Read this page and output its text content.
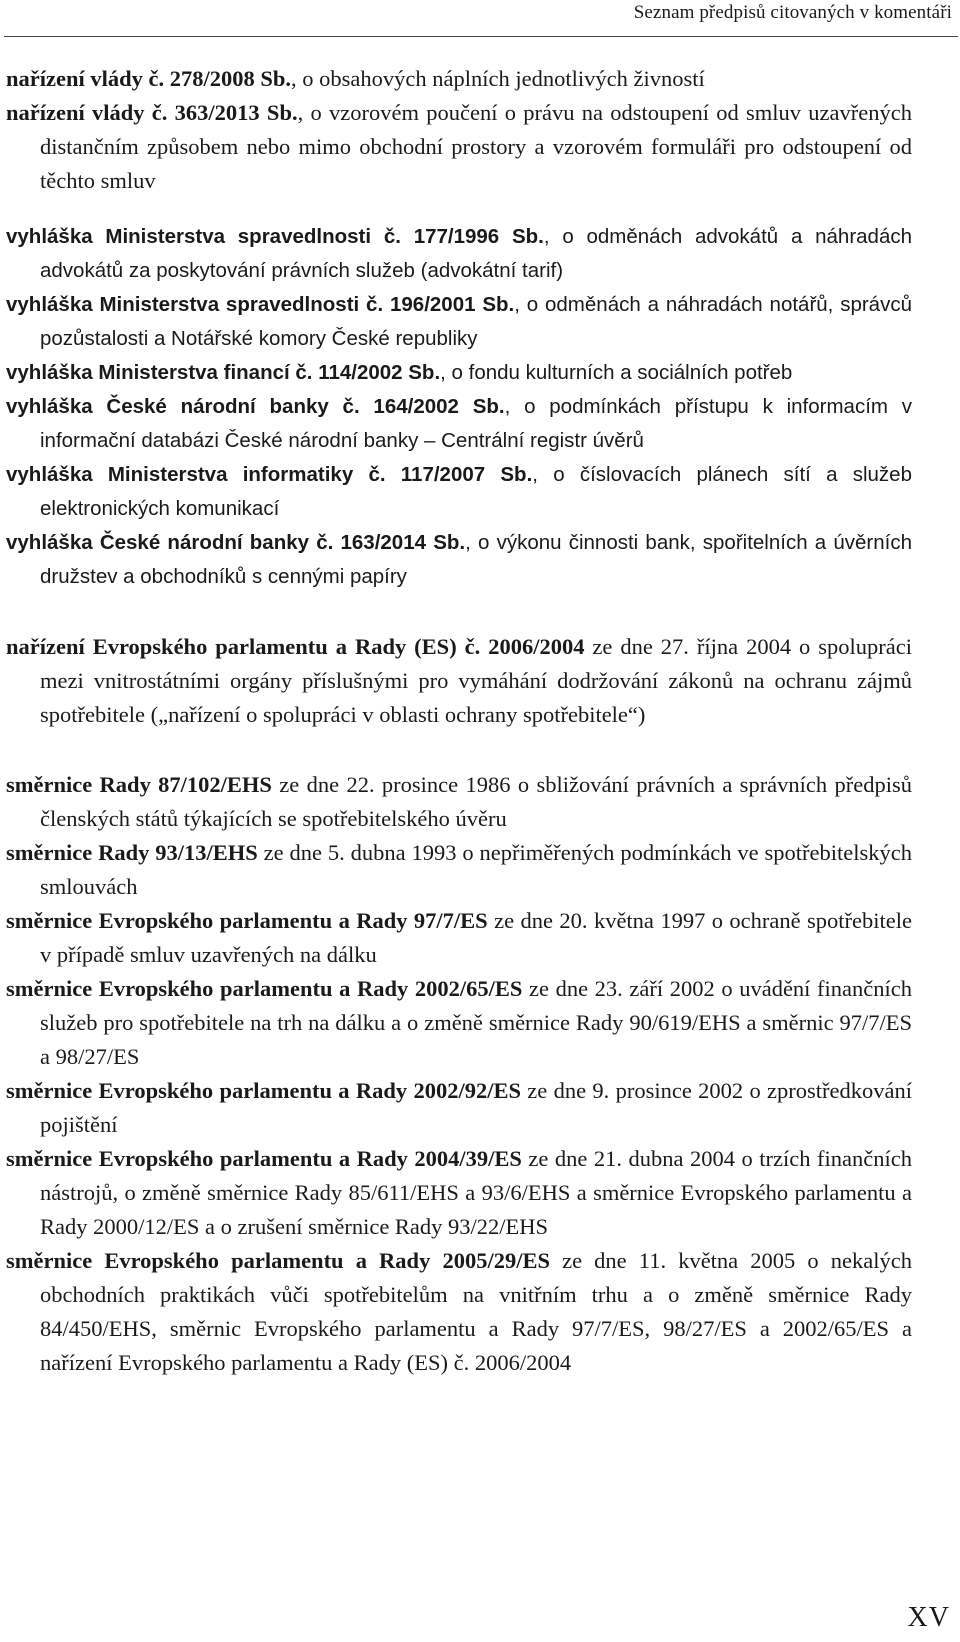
Seznam předpisů citovaných v komentáři

nařízení vlády č. 278/2008 Sb., o obsahových náplních jednotlivých živností

nařízení vlády č. 363/2013 Sb., o vzorovém poučení o právu na odstoupení od smluv uzavřených distančním způsobem nebo mimo obchodní prostory a vzorovém formuláři pro odstoupení od těchto smluv

vyhláška Ministerstva spravedlnosti č. 177/1996 Sb., o odměnách advokátů a náhradách advokátů za poskytování právních služeb (advokátní tarif)

vyhláška Ministerstva spravedlnosti č. 196/2001 Sb., o odměnách a náhradách notářů, správců pozůstalosti a Notářské komory České republiky

vyhláška Ministerstva financí č. 114/2002 Sb., o fondu kulturních a sociálních potřeb

vyhláška České národní banky č. 164/2002 Sb., o podmínkách přístupu k informacím v informační databázi České národní banky – Centrální registr úvěrů

vyhláška Ministerstva informatiky č. 117/2007 Sb., o číslovacích plánech sítí a služeb elektronických komunikací

vyhláška České národní banky č. 163/2014 Sb., o výkonu činnosti bank, spořitelních a úvěrních družstev a obchodníků s cennými papíry

nařízení Evropského parlamentu a Rady (ES) č. 2006/2004 ze dne 27. října 2004 o spolupráci mezi vnitrostátními orgány příslušnými pro vymáhání dodržování zákonů na ochranu zájmů spotřebitele („nařízení o spolupráci v oblasti ochrany spotřebitele“)

směrnice Rady 87/102/EHS ze dne 22. prosince 1986 o sbližování právních a správních předpisů členských států týkajících se spotřebitelského úvěru

směrnice Rady 93/13/EHS ze dne 5. dubna 1993 o nepřiměřených podmínkách ve spotřebitelských smlouvách

směrnice Evropského parlamentu a Rady 97/7/ES ze dne 20. května 1997 o ochraně spotřebitele v případě smluv uzavřených na dálku

směrnice Evropského parlamentu a Rady 2002/65/ES ze dne 23. září 2002 o uvádění finančních služeb pro spotřebitele na trh na dálku a o změně směrnice Rady 90/619/EHS a směrnic 97/7/ES a 98/27/ES

směrnice Evropského parlamentu a Rady 2002/92/ES ze dne 9. prosince 2002 o zprostředkování pojištění

směrnice Evropského parlamentu a Rady 2004/39/ES ze dne 21. dubna 2004 o trzích finančních nástrojů, o změně směrnice Rady 85/611/EHS a 93/6/EHS a směrnice Evropského parlamentu a Rady 2000/12/ES a o zrušení směrnice Rady 93/22/EHS

směrnice Evropského parlamentu a Rady 2005/29/ES ze dne 11. května 2005 o nekalých obchodních praktikách vůči spotřebitelům na vnitřním trhu a o změně směrnice Rady 84/450/EHS, směrnic Evropského parlamentu a Rady 97/7/ES, 98/27/ES a 2002/65/ES a nařízení Evropského parlamentu a Rady (ES) č. 2006/2004

XV
